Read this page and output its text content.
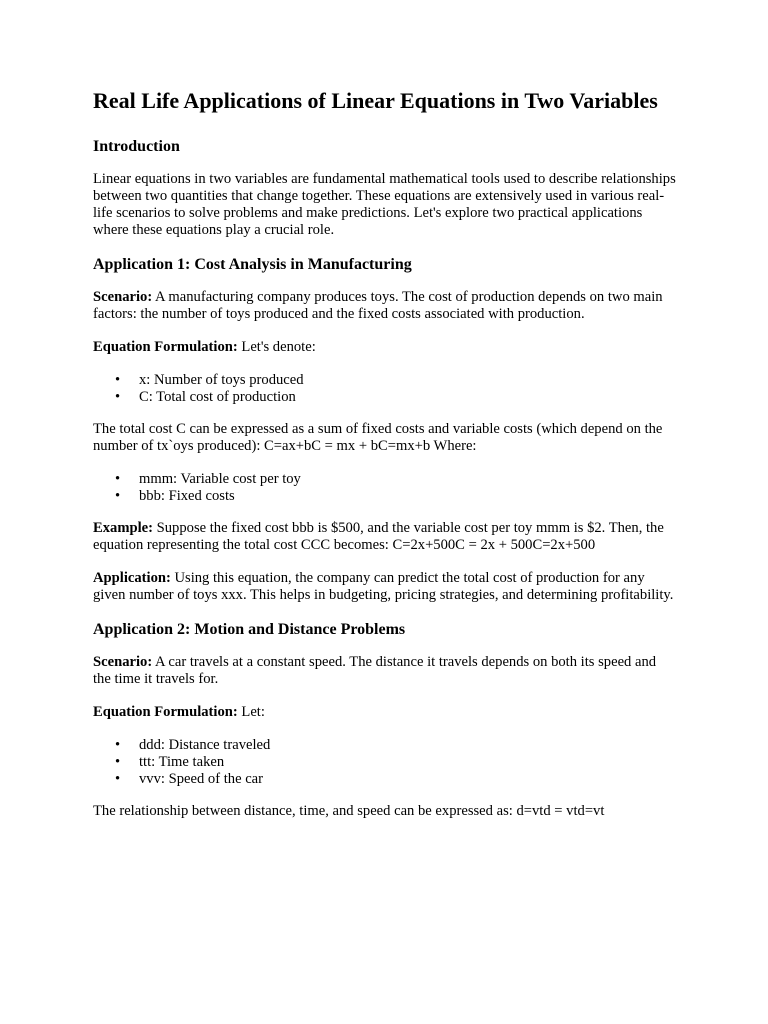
Real Life Applications of Linear Equations in Two Variables
Introduction

Linear equations in two variables are fundamental mathematical tools used to describe relationships between two quantities that change together. These equations are extensively used in various real-life scenarios to solve problems and make predictions. Let's explore two practical applications where these equations play a crucial role.

Application 1: Cost Analysis in Manufacturing

Scenario: A manufacturing company produces toys. The cost of production depends on two main factors: the number of toys produced and the fixed costs associated with production.

Equation Formulation: Let's denote:

• x: Number of toys produced
• C: Total cost of production

The total cost C can be expressed as a sum of fixed costs and variable costs (which depend on the number of tx`oys produced): C=ax+bC = mx + bC=mx+b Where:

• mmm: Variable cost per toy
• bbb: Fixed costs

Example: Suppose the fixed cost bbb is $500, and the variable cost per toy mmm is $2. Then, the equation representing the total cost CCC becomes: C=2x+500C = 2x + 500C=2x+500

Application: Using this equation, the company can predict the total cost of production for any given number of toys xxx. This helps in budgeting, pricing strategies, and determining profitability.

Application 2: Motion and Distance Problems

Scenario: A car travels at a constant speed. The distance it travels depends on both its speed and the time it travels for.

Equation Formulation: Let:

• ddd: Distance traveled
• ttt: Time taken
• vvv: Speed of the car

The relationship between distance, time, and speed can be expressed as: d=vtd = vtd=vt
